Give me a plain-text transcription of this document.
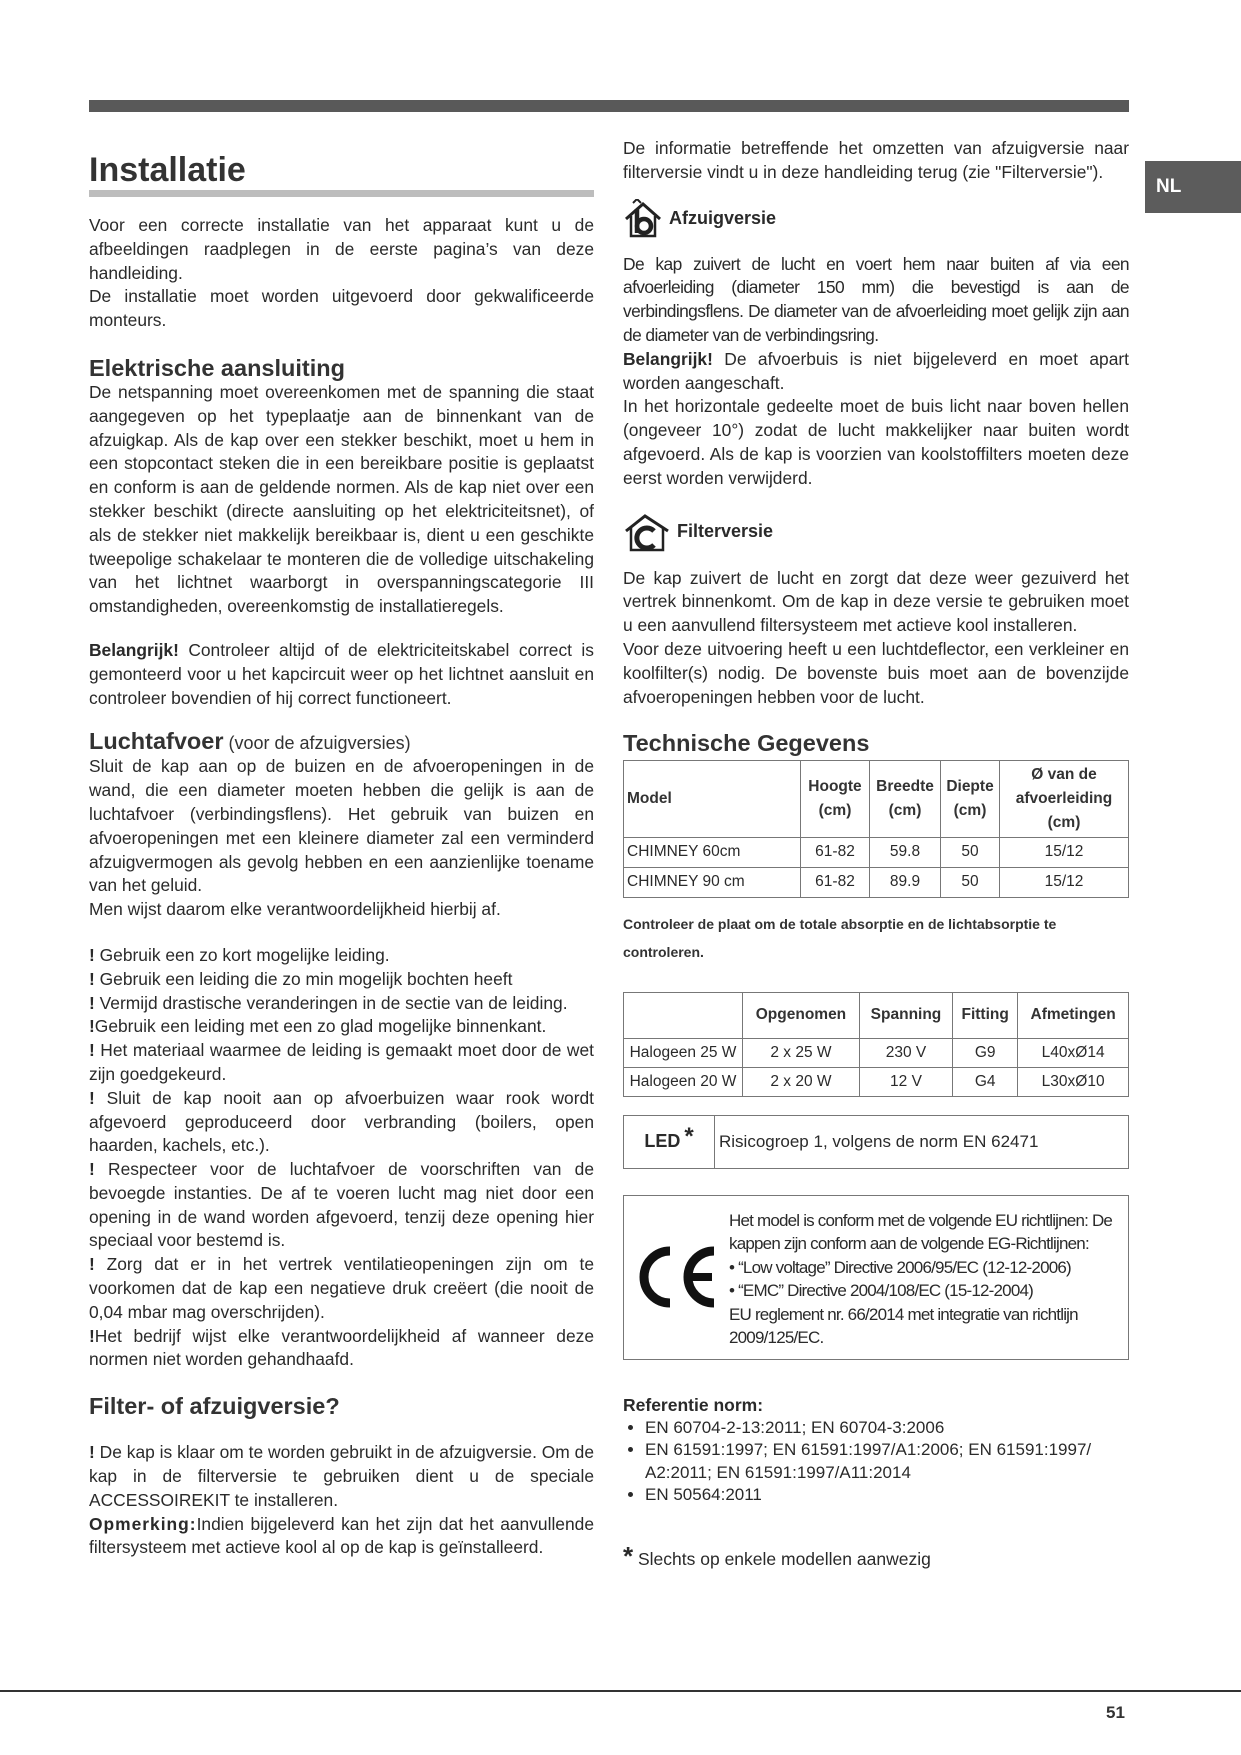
NL
Installatie

Voor een correcte installatie van het apparaat kunt u de afbeeldingen raadplegen in de eerste pagina’s van deze handleiding.

De installatie moet worden uitgevoerd door gekwalificeerde monteurs.

Elektrische aansluiting

De netspanning moet overeenkomen met de spanning die staat aangegeven op het typeplaatje aan de binnenkant van de afzuigkap. Als de kap over een stekker beschikt, moet u hem in een stopcontact steken die in een bereikbare positie is geplaatst en conform is aan de geldende normen. Als de kap niet over een stekker beschikt (directe aansluiting op het elektriciteitsnet), of als de stekker niet makkelijk bereikbaar is, dient u een geschikte tweepolige schakelaar te monteren die de volledige uitschakeling van het lichtnet waarborgt in overspanningscategorie III omstandigheden, overeenkomstig de installatieregels.

Belangrijk! Controleer altijd of de elektriciteitskabel correct is gemonteerd voor u het kapcircuit weer op het lichtnet aansluit en controleer bovendien of hij correct functioneert.

Luchtafvoer (voor de afzuigversies)

Sluit de kap aan op de buizen en de afvoeropeningen in de wand, die een diameter moeten hebben die gelijk is aan de luchtafvoer (verbindingsflens). Het gebruik van buizen en afvoeropeningen met een kleinere diameter zal een verminderd afzuigvermogen als gevolg hebben en een aanzienlijke toename van het geluid.

Men wijst daarom elke verantwoordelijkheid hierbij af.

! Gebruik een zo kort mogelijke leiding.

! Gebruik een leiding die zo min mogelijk bochten heeft

! Vermijd drastische veranderingen in de sectie van de leiding.

!Gebruik een leiding met een zo glad mogelijke binnenkant.

! Het materiaal waarmee de leiding is gemaakt moet door de wet zijn goedgekeurd.

! Sluit de kap nooit aan op afvoerbuizen waar rook wordt afgevoerd geproduceerd door verbranding (boilers, open haarden, kachels, etc.).

! Respecteer voor de luchtafvoer de voorschriften van de bevoegde instanties. De af te voeren lucht mag niet door een opening in de wand worden afgevoerd, tenzij deze opening hier speciaal voor bestemd is.

! Zorg dat er in het vertrek ventilatieopeningen zijn om te voorkomen dat de kap een negatieve druk creëert (die nooit de 0,04 mbar mag overschrijden).

!Het bedrijf wijst elke verantwoordelijkheid af wanneer deze normen niet worden gehandhaafd.

Filter- of afzuigversie?

! De kap is klaar om te worden gebruikt in de afzuigversie. Om de kap in de filterversie te gebruiken dient u de speciale ACCESSOIREKIT te installeren.

Opmerking:Indien bijgeleverd kan het zijn dat het aanvullende filtersysteem met actieve kool al op de kap is geïnstalleerd.

De informatie betreffende het omzetten van afzuigversie naar filterversie vindt u in deze handleiding terug (zie "Filterversie").

Afzuigversie

De kap zuivert de lucht en voert hem naar buiten af via een afvoerleiding (diameter 150 mm) die bevestigd is aan de verbindingsflens. De diameter van de afvoerleiding moet gelijk zijn aan de diameter van de verbindingsring.

Belangrijk! De afvoerbuis is niet bijgeleverd en moet apart worden aangeschaft.

In het horizontale gedeelte moet de buis licht naar boven hellen (ongeveer 10°) zodat de lucht makkelijker naar buiten wordt afgevoerd. Als de kap is voorzien van koolstoffilters moeten deze eerst worden verwijderd.

Filterversie

De kap zuivert de lucht en zorgt dat deze weer gezuiverd het vertrek binnenkomt. Om de kap in deze versie te gebruiken moet u een aanvullend filtersysteem met actieve kool installeren.

Voor deze uitvoering heeft u een luchtdeflector, een verkleiner en koolfilter(s) nodig. De bovenste buis moet aan de bovenzijde afvoeropeningen hebben voor de lucht.

Technische Gegevens
Model	Hoogte (cm)	Breedte (cm)	Diepte (cm)	Ø van de afvoerleiding (cm)
CHIMNEY 60cm	61-82	59.8	50	15/12
CHIMNEY 90 cm	61-82	89.9	50	15/12

Controleer de plaat om de totale absorptie en de lichtabsorptie te controleren.

	Opgenomen	Spanning	Fitting	Afmetingen
Halogeen 25 W	2 x 25 W	230 V	G9	L40xØ14
Halogeen 20 W	2 x 20 W	12 V	G4	L30xØ10
LED * Risicogroep 1, volgens de norm EN 62471
Het model is conform met de volgende EU richtlijnen: De
kappen zijn conform aan de volgende EG-Richtlijnen:
• “Low voltage” Directive 2006/95/EC (12-12-2006)
• “EMC” Directive 2004/108/EC (15-12-2004)
EU reglement nr. 66/2014 met integratie van richtlijn
2009/125/EC.
Referentie norm:
• EN 60704-2-13:2011; EN 60704-3:2006
• EN 61591:1997; EN 61591:1997/A1:2006; EN 61591:1997/ A2:2011; EN 61591:1997/A11:2014
• EN 50564:2011
* Slechts op enkele modellen aanwezig
51
